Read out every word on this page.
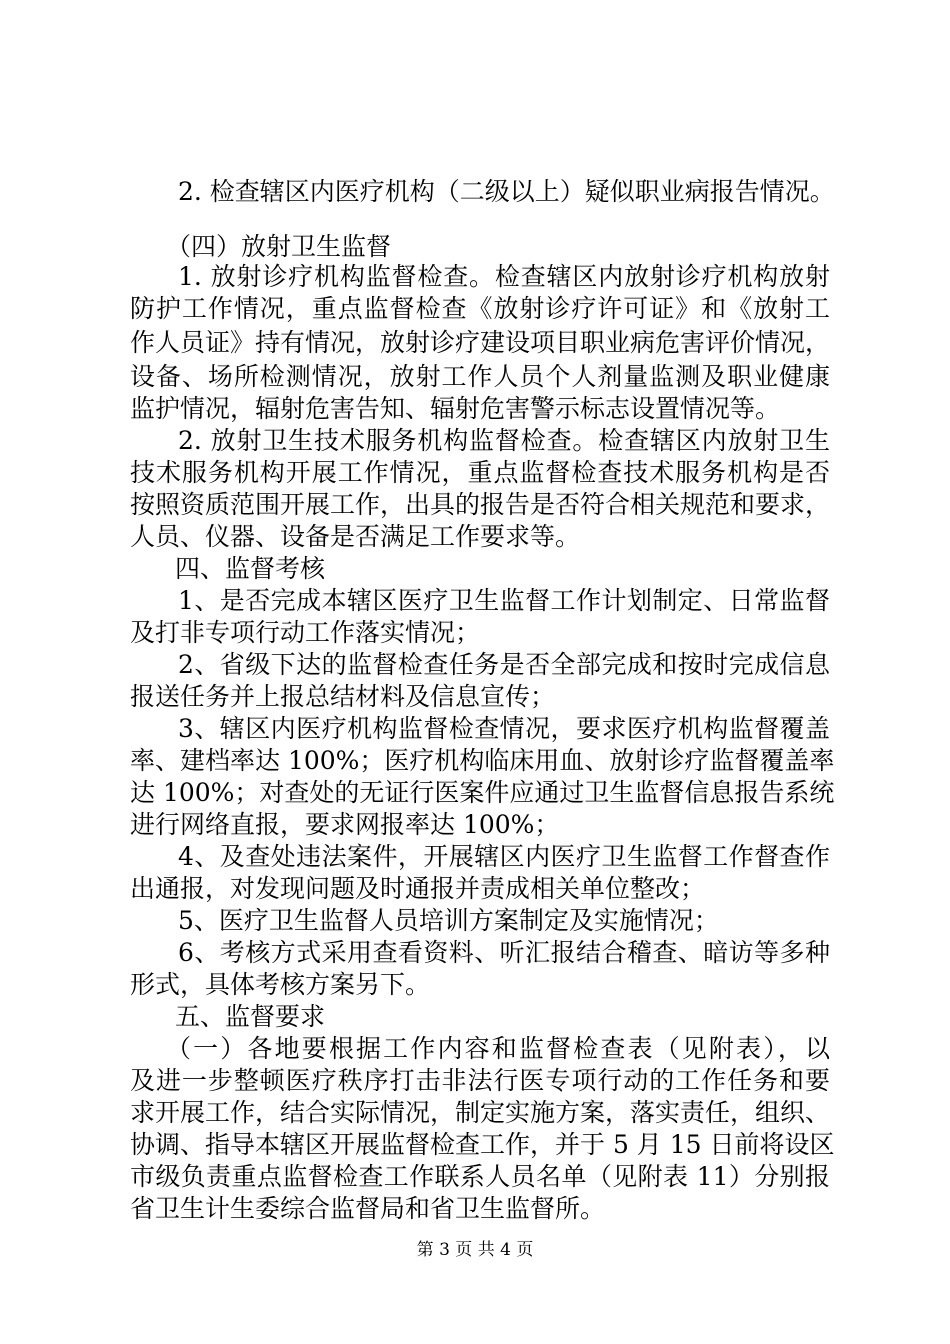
2. 检查辖区内医疗机构（二级以上）疑似职业病报告情况。

（四）放射卫生监督

1. 放射诊疗机构监督检查。检查辖区内放射诊疗机构放射

防护工作情况，重点监督检查《放射诊疗许可证》和《放射工

作人员证》持有情况，放射诊疗建设项目职业病危害评价情况，

设备、场所检测情况，放射工作人员个人剂量监测及职业健康

监护情况，辐射危害告知、辐射危害警示标志设置情况等。

2. 放射卫生技术服务机构监督检查。检查辖区内放射卫生

技术服务机构开展工作情况，重点监督检查技术服务机构是否

按照资质范围开展工作，出具的报告是否符合相关规范和要求，

人员、仪器、设备是否满足工作要求等。

四、监督考核

1、是否完成本辖区医疗卫生监督工作计划制定、日常监督

及打非专项行动工作落实情况；

2、省级下达的监督检查任务是否全部完成和按时完成信息

报送任务并上报总结材料及信息宣传；

3、辖区内医疗机构监督检查情况，要求医疗机构监督覆盖

率、建档率达 100%；医疗机构临床用血、放射诊疗监督覆盖率

达 100%；对查处的无证行医案件应通过卫生监督信息报告系统

进行网络直报，要求网报率达 100%；

4、及查处违法案件，开展辖区内医疗卫生监督工作督查作

出通报，对发现问题及时通报并责成相关单位整改；

5、医疗卫生监督人员培训方案制定及实施情况；

6、考核方式采用查看资料、听汇报结合稽查、暗访等多种

形式，具体考核方案另下。

五、监督要求

（一）各地要根据工作内容和监督检查表（见附表），以

及进一步整顿医疗秩序打击非法行医专项行动的工作任务和要

求开展工作，结合实际情况，制定实施方案，落实责任，组织、

协调、指导本辖区开展监督检查工作，并于 5 月 15 日前将设区

市级负责重点监督检查工作联系人员名单（见附表 11）分别报

省卫生计生委综合监督局和省卫生监督所。

第 3 页 共 4 页
